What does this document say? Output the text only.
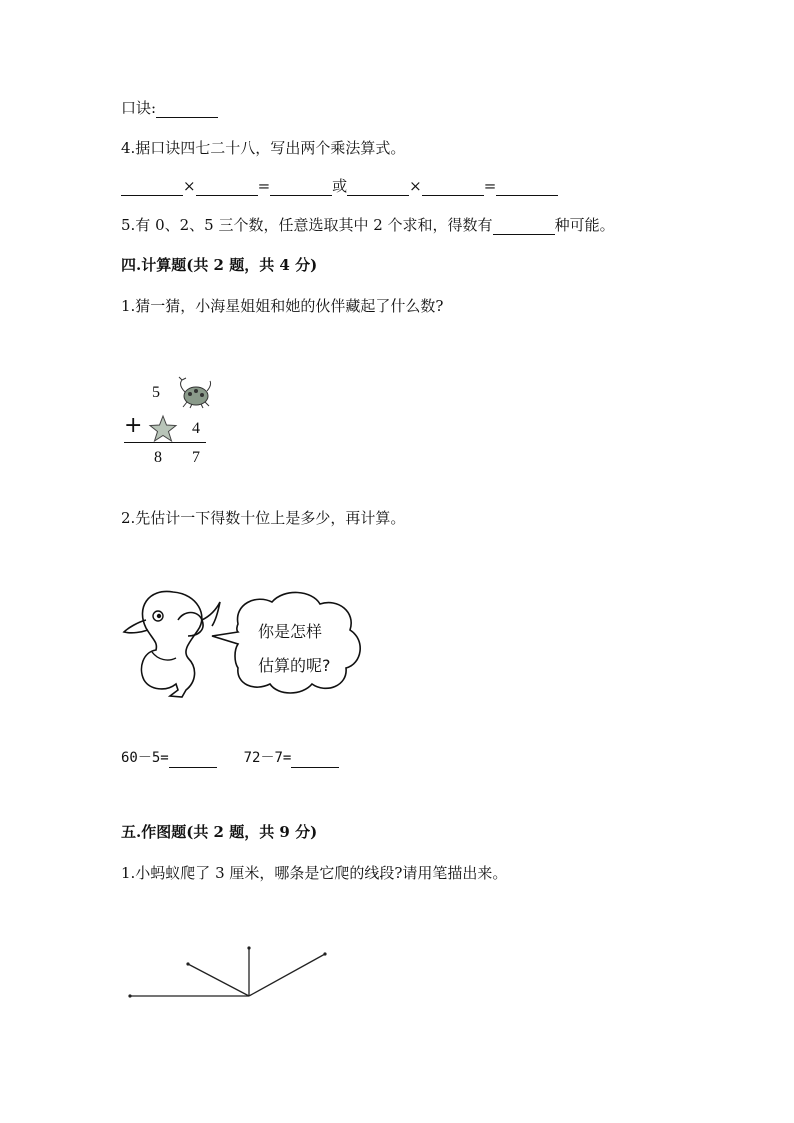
口诀:
4.据口诀四七二十八，写出两个乘法算式。
×	=	或	×	=
5.有 0、2、5 三个数，任意选取其中 2 个求和，得数有	种可能。
四.计算题(共 2 题，共 4 分)
1.猜一猜，小海星姐姐和她的伙伴藏起了什么数?
5
+	4
8 7
2.先估计一下得数十位上是多少，再计算。
你是怎样
估算的呢?
60－5=	72－7=
五.作图题(共 2 题，共 9 分)
1.小蚂蚁爬了 3 厘米，哪条是它爬的线段?请用笔描出来。
